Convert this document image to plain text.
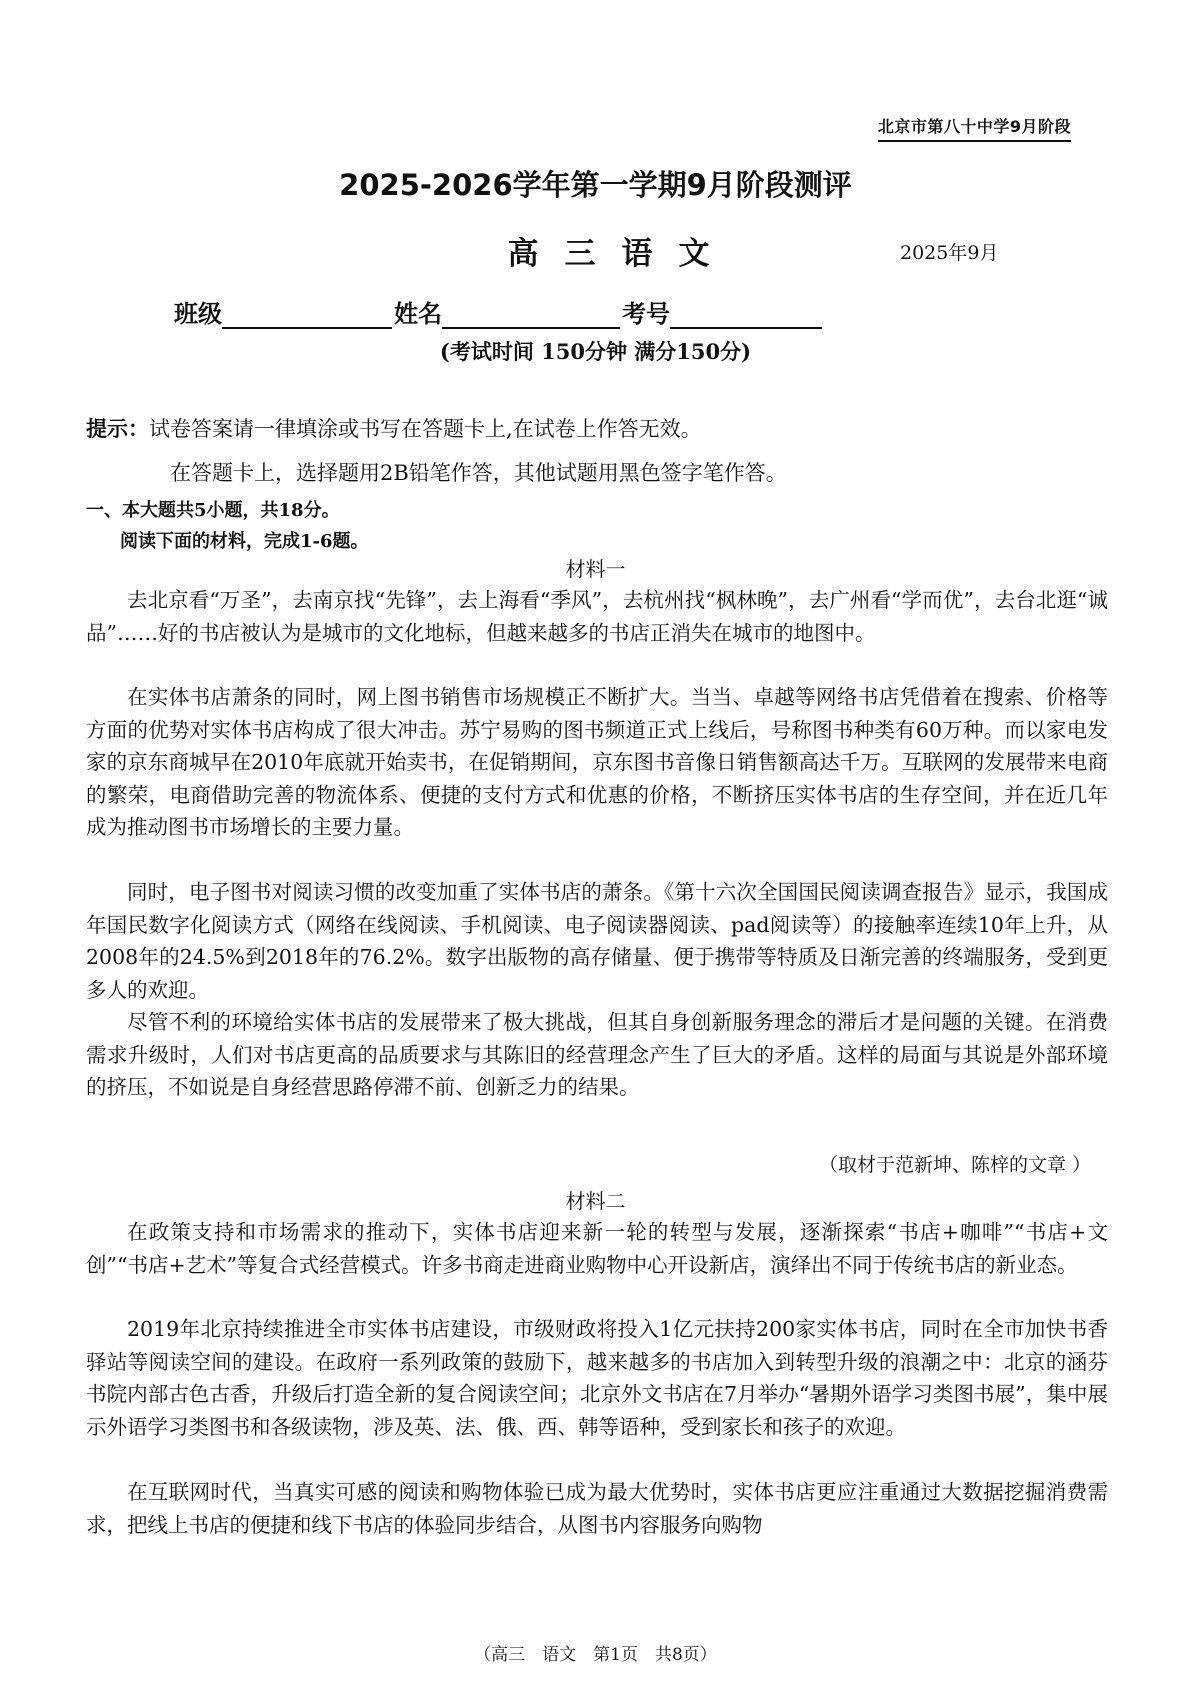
北京市第八十中学9月阶段
2025-2026学年第一学期9月阶段测评
高三语文	2025年9月
班级	姓名	考号
(考试时间 150分钟 满分150分)
提示：试卷答案请一律填涂或书写在答题卡上,在试卷上作答无效。
在答题卡上，选择题用2B铅笔作答，其他试题用黑色签字笔作答。
一、本大题共5小题，共18分。
阅读下面的材料，完成1-6题。
材料一

去北京看“万圣”，去南京找“先锋”，去上海看“季风”，去杭州找“枫林晚”，去广州看“学而优”，去台北逛“诚品”……好的书店被认为是城市的文化地标，但越来越多的书店正消失在城市的地图中。

在实体书店萧条的同时，网上图书销售市场规模正不断扩大。当当、卓越等网络书店凭借着在搜索、价格等方面的优势对实体书店构成了很大冲击。苏宁易购的图书频道正式上线后，号称图书种类有60万种。而以家电发家的京东商城早在2010年底就开始卖书，在促销期间，京东图书音像日销售额高达千万。互联网的发展带来电商的繁荣，电商借助完善的物流体系、便捷的支付方式和优惠的价格，不断挤压实体书店的生存空间，并在近几年成为推动图书市场增长的主要力量。

同时，电子图书对阅读习惯的改变加重了实体书店的萧条。《第十六次全国国民阅读调查报告》显示，我国成年国民数字化阅读方式（网络在线阅读、手机阅读、电子阅读器阅读、pad阅读等）的接触率连续10年上升，从2008年的24.5%到2018年的76.2%。数字出版物的高存储量、便于携带等特质及日渐完善的终端服务，受到更多人的欢迎。

尽管不利的环境给实体书店的发展带来了极大挑战，但其自身创新服务理念的滞后才是问题的关键。在消费需求升级时，人们对书店更高的品质要求与其陈旧的经营理念产生了巨大的矛盾。这样的局面与其说是外部环境的挤压，不如说是自身经营思路停滞不前、创新乏力的结果。

（取材于范新坤、陈梓的文章 ）
材料二

在政策支持和市场需求的推动下，实体书店迎来新一轮的转型与发展，逐渐探索“书店+咖啡”“书店+文创”“书店+艺术”等复合式经营模式。许多书商走进商业购物中心开设新店，演绎出不同于传统书店的新业态。

2019年北京持续推进全市实体书店建设，市级财政将投入1亿元扶持200家实体书店，同时在全市加快书香驿站等阅读空间的建设。在政府一系列政策的鼓励下，越来越多的书店加入到转型升级的浪潮之中：北京的涵芬书院内部古色古香，升级后打造全新的复合阅读空间；北京外文书店在7月举办“暑期外语学习类图书展”，集中展示外语学习类图书和各级读物，涉及英、法、俄、西、韩等语种，受到家长和孩子的欢迎。

在互联网时代，当真实可感的阅读和购物体验已成为最大优势时，实体书店更应注重通过大数据挖掘消费需求，把线上书店的便捷和线下书店的体验同步结合，从图书内容服务向购物

（高三　语文　第1页　共8页）
